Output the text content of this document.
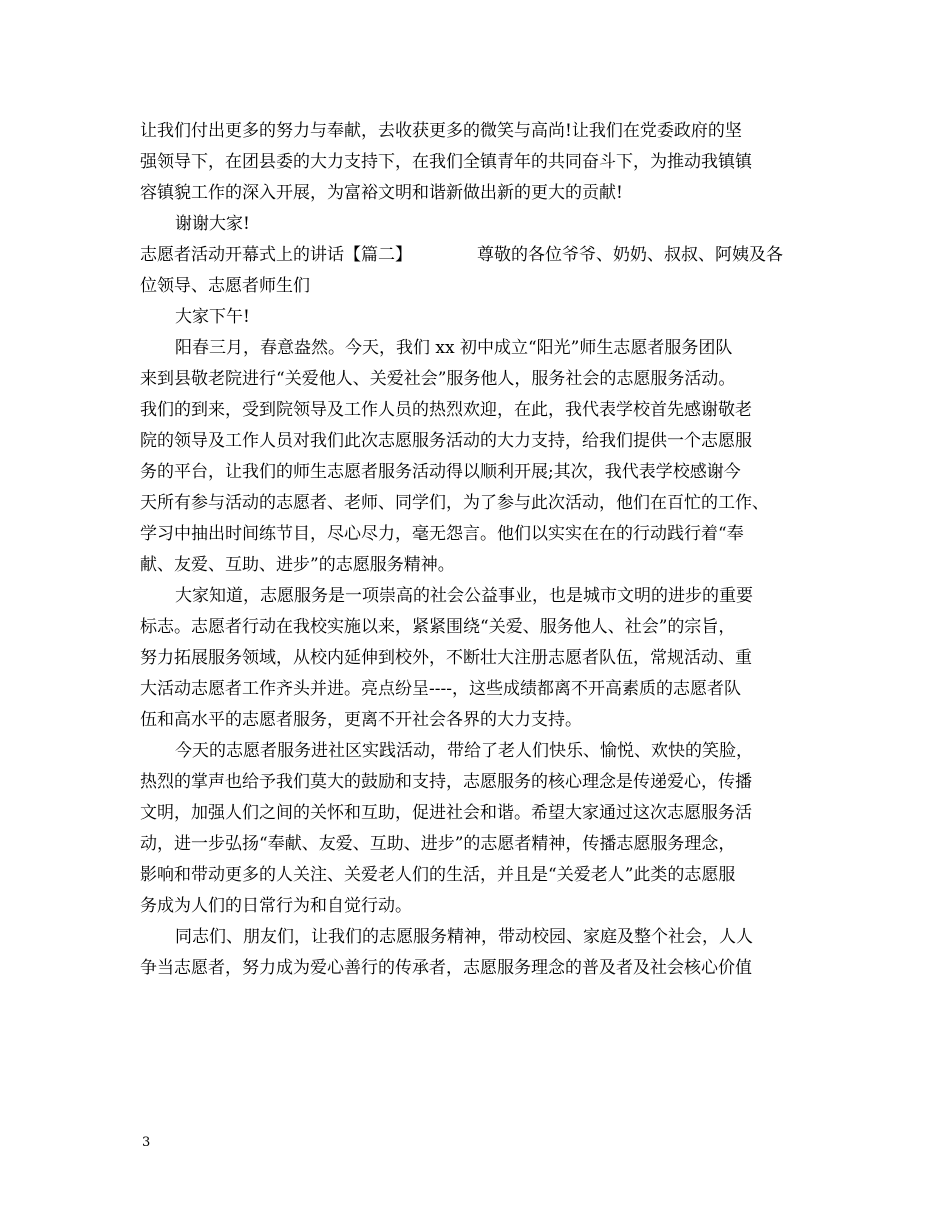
让我们付出更多的努力与奉献，去收获更多的微笑与高尚!让我们在党委政府的坚
强领导下，在团县委的大力支持下，在我们全镇青年的共同奋斗下，为推动我镇镇
容镇貌工作的深入开展，为富裕文明和谐新做出新的更大的贡献!
谢谢大家!
志愿者活动开幕式上的讲话【篇二】	尊敬的各位爷爷、奶奶、叔叔、阿姨及各
位领导、志愿者师生们
大家下午!
阳春三月，春意盎然。今天，我们 xx 初中成立“阳光”师生志愿者服务团队
来到县敬老院进行“关爱他人、关爱社会”服务他人，服务社会的志愿服务活动。
我们的到来，受到院领导及工作人员的热烈欢迎，在此，我代表学校首先感谢敬老
院的领导及工作人员对我们此次志愿服务活动的大力支持，给我们提供一个志愿服
务的平台，让我们的师生志愿者服务活动得以顺利开展;其次，我代表学校感谢今
天所有参与活动的志愿者、老师、同学们，为了参与此次活动，他们在百忙的工作、
学习中抽出时间练节目，尽心尽力，毫无怨言。他们以实实在在的行动践行着“奉
献、友爱、互助、进步”的志愿服务精神。
大家知道，志愿服务是一项崇高的社会公益事业，也是城市文明的进步的重要
标志。志愿者行动在我校实施以来，紧紧围绕“关爱、服务他人、社会”的宗旨，
努力拓展服务领域，从校内延伸到校外，不断壮大注册志愿者队伍，常规活动、重
大活动志愿者工作齐头并进。亮点纷呈----，这些成绩都离不开高素质的志愿者队
伍和高水平的志愿者服务，更离不开社会各界的大力支持。
今天的志愿者服务进社区实践活动，带给了老人们快乐、愉悦、欢快的笑脸，
热烈的掌声也给予我们莫大的鼓励和支持，志愿服务的核心理念是传递爱心，传播
文明，加强人们之间的关怀和互助，促进社会和谐。希望大家通过这次志愿服务活
动，进一步弘扬“奉献、友爱、互助、进步”的志愿者精神，传播志愿服务理念，
影响和带动更多的人关注、关爱老人们的生活，并且是“关爱老人”此类的志愿服
务成为人们的日常行为和自觉行动。
同志们、朋友们，让我们的志愿服务精神，带动校园、家庭及整个社会，人人
争当志愿者，努力成为爱心善行的传承者，志愿服务理念的普及者及社会核心价值
3
